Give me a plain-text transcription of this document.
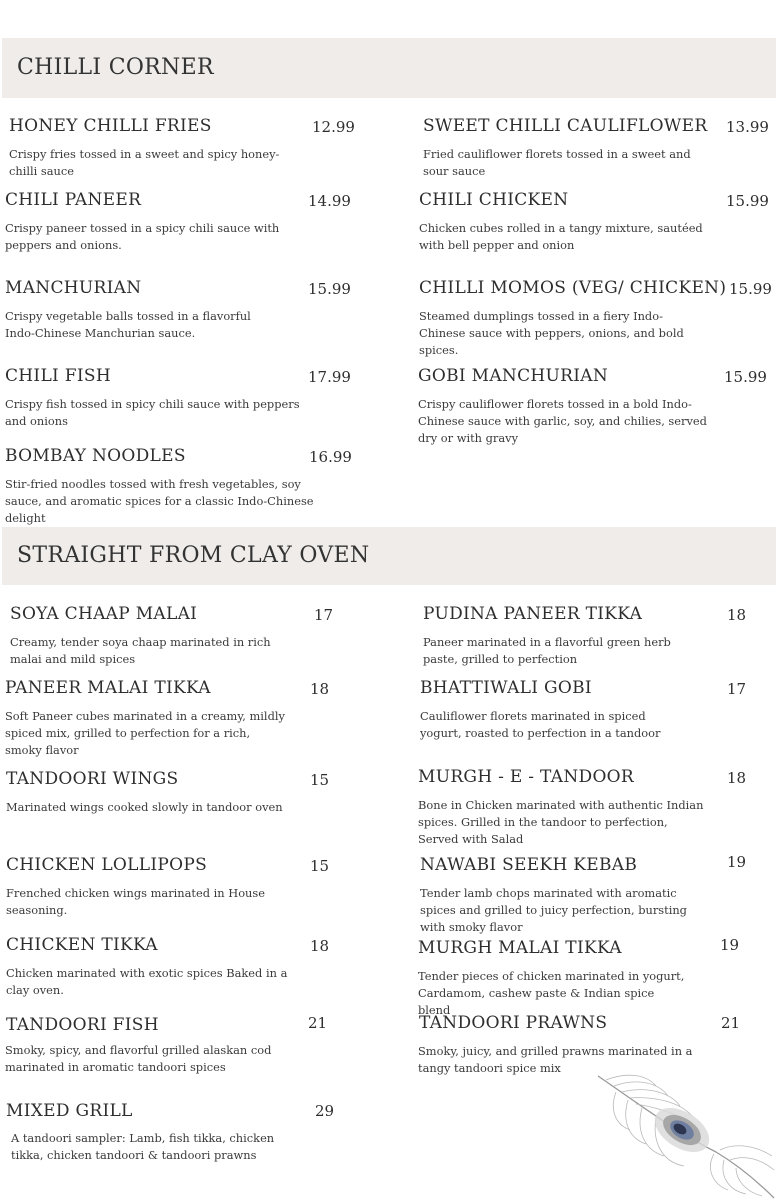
CHILLI CORNER
HONEY CHILLI FRIES	12.99
Crispy fries tossed in a sweet and spicy honey-chilli sauce
SWEET CHILLI CAULIFLOWER 13.99
Fried cauliflower florets tossed in a sweet and sour sauce
CHILI PANEER	14.99
Crispy paneer tossed in a spicy chili sauce with peppers and onions.
CHILI CHICKEN	15.99
Chicken cubes rolled in a tangy mixture, sautéed with bell pepper and onion
MANCHURIAN	15.99
Crispy vegetable balls tossed in a flavorful Indo-Chinese Manchurian sauce.
CHILLI MOMOS (VEG/ CHICKEN) 15.99
Steamed dumplings tossed in a fiery Indo-Chinese sauce with peppers, onions, and bold spices.
CHILI FISH	17.99
Crispy fish tossed in spicy chili sauce with peppers and onions
GOBI MANCHURIAN	15.99
Crispy cauliflower florets tossed in a bold Indo-Chinese sauce with garlic, soy, and chilies, served dry or with gravy
BOMBAY NOODLES	16.99
Stir-fried noodles tossed with fresh vegetables, soy sauce, and aromatic spices for a classic Indo-Chinese delight
STRAIGHT FROM CLAY OVEN
SOYA CHAAP MALAI	17
Creamy, tender soya chaap marinated in rich malai and mild spices
PUDINA PANEER TIKKA	18
Paneer marinated in a flavorful green herb paste, grilled to perfection
PANEER MALAI TIKKA	18
Soft Paneer cubes marinated in a creamy, mildly spiced mix, grilled to perfection for a rich, smoky flavor
BHATTIWALI GOBI	17
Cauliflower florets marinated in spiced yogurt, roasted to perfection in a tandoor
TANDOORI WINGS	15
Marinated wings cooked slowly in tandoor oven
MURGH - E - TANDOOR	18
Bone in Chicken marinated with authentic Indian spices. Grilled in the tandoor to perfection, Served with Salad
CHICKEN LOLLIPOPS	15
Frenched chicken wings marinated in House seasoning.
NAWABI SEEKH KEBAB	19
Tender lamb chops marinated with aromatic spices and grilled to juicy perfection, bursting with smoky flavor
CHICKEN TIKKA	18
Chicken marinated with exotic spices Baked in a clay oven.
MURGH MALAI TIKKA	19
Tender pieces of chicken marinated in yogurt, Cardamom, cashew paste & Indian spice blend
TANDOORI FISH	21
Smoky, spicy, and flavorful grilled alaskan cod marinated in aromatic tandoori spices
TANDOORI PRAWNS	21
Smoky, juicy, and grilled prawns marinated in a tangy tandoori spice mix
MIXED GRILL	29
A tandoori sampler: Lamb, fish tikka, chicken tikka, chicken tandoori & tandoori prawns
